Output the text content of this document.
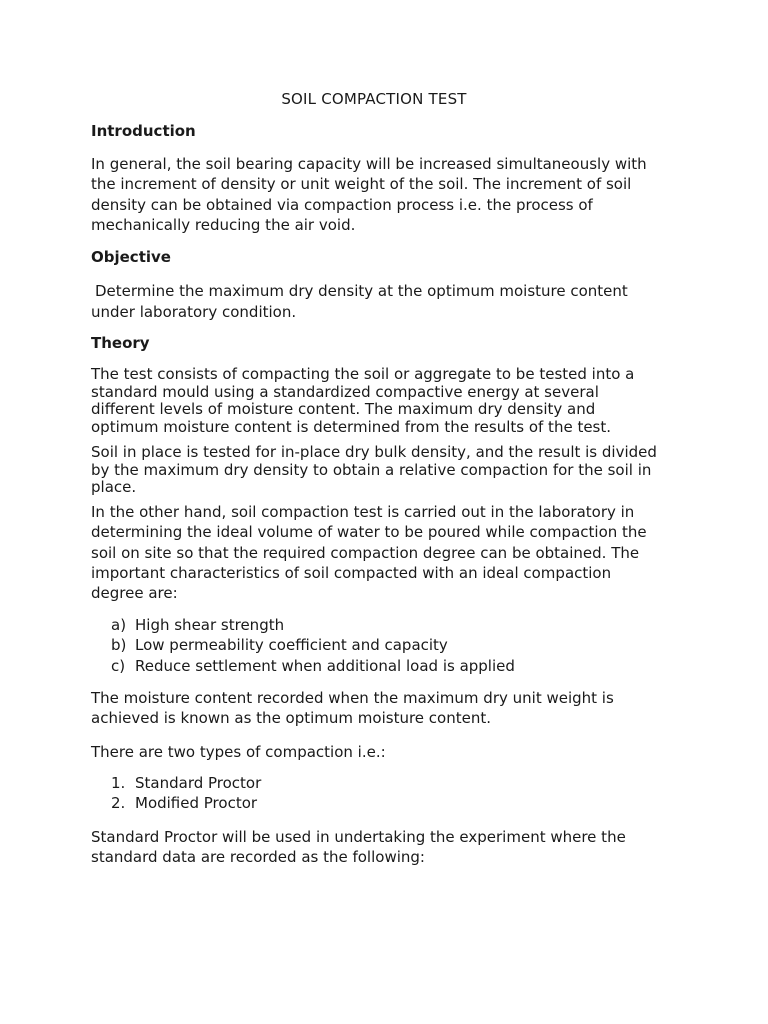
SOIL COMPACTION TEST
Introduction
In general, the soil bearing capacity will be increased simultaneously with the increment of density or unit weight of the soil. The increment of soil density can be obtained via compaction process i.e. the process of mechanically reducing the air void.
Objective
Determine the maximum dry density at the optimum moisture content under laboratory condition.
Theory
The test consists of compacting the soil or aggregate to be tested into a standard mould using a standardized compactive energy at several different levels of moisture content. The maximum dry density and optimum moisture content is determined from the results of the test.
Soil in place is tested for in-place dry bulk density, and the result is divided by the maximum dry density to obtain a relative compaction for the soil in place.
In the other hand, soil compaction test is carried out in the laboratory in determining the ideal volume of water to be poured while compaction the soil on site so that the required compaction degree can be obtained. The important characteristics of soil compacted with an ideal compaction degree are:
a) High shear strength
b) Low permeability coefficient and capacity
c) Reduce settlement when additional load is applied
The moisture content recorded when the maximum dry unit weight is achieved is known as the optimum moisture content.
There are two types of compaction i.e.:
1. Standard Proctor
2. Modified Proctor
Standard Proctor will be used in undertaking the experiment where the standard data are recorded as the following:
